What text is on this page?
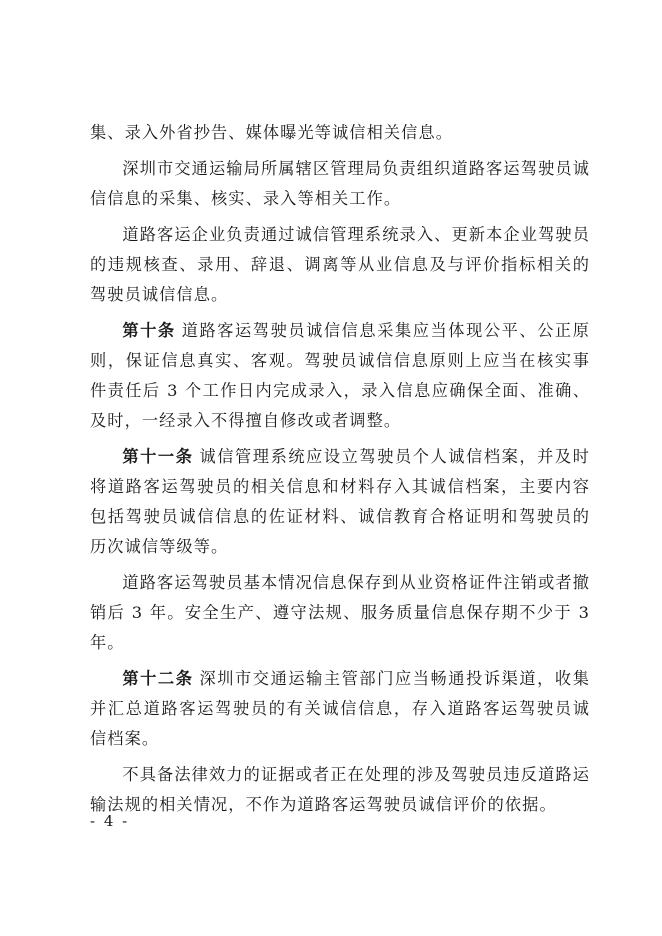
集、录入外省抄告、媒体曝光等诚信相关信息。

深圳市交通运输局所属辖区管理局负责组织道路客运驾驶员诚信信息的采集、核实、录入等相关工作。

道路客运企业负责通过诚信管理系统录入、更新本企业驾驶员的违规核查、录用、辞退、调离等从业信息及与评价指标相关的驾驶员诚信信息。

第十条 道路客运驾驶员诚信信息采集应当体现公平、公正原则，保证信息真实、客观。驾驶员诚信信息原则上应当在核实事件责任后 3 个工作日内完成录入，录入信息应确保全面、准确、及时，一经录入不得擅自修改或者调整。

第十一条 诚信管理系统应设立驾驶员个人诚信档案，并及时将道路客运驾驶员的相关信息和材料存入其诚信档案，主要内容包括驾驶员诚信信息的佐证材料、诚信教育合格证明和驾驶员的历次诚信等级等。

道路客运驾驶员基本情况信息保存到从业资格证件注销或者撤销后 3 年。安全生产、遵守法规、服务质量信息保存期不少于 3 年。

第十二条 深圳市交通运输主管部门应当畅通投诉渠道，收集并汇总道路客运驾驶员的有关诚信信息，存入道路客运驾驶员诚信档案。

不具备法律效力的证据或者正在处理的涉及驾驶员违反道路运输法规的相关情况，不作为道路客运驾驶员诚信评价的依据。

- 4 -
